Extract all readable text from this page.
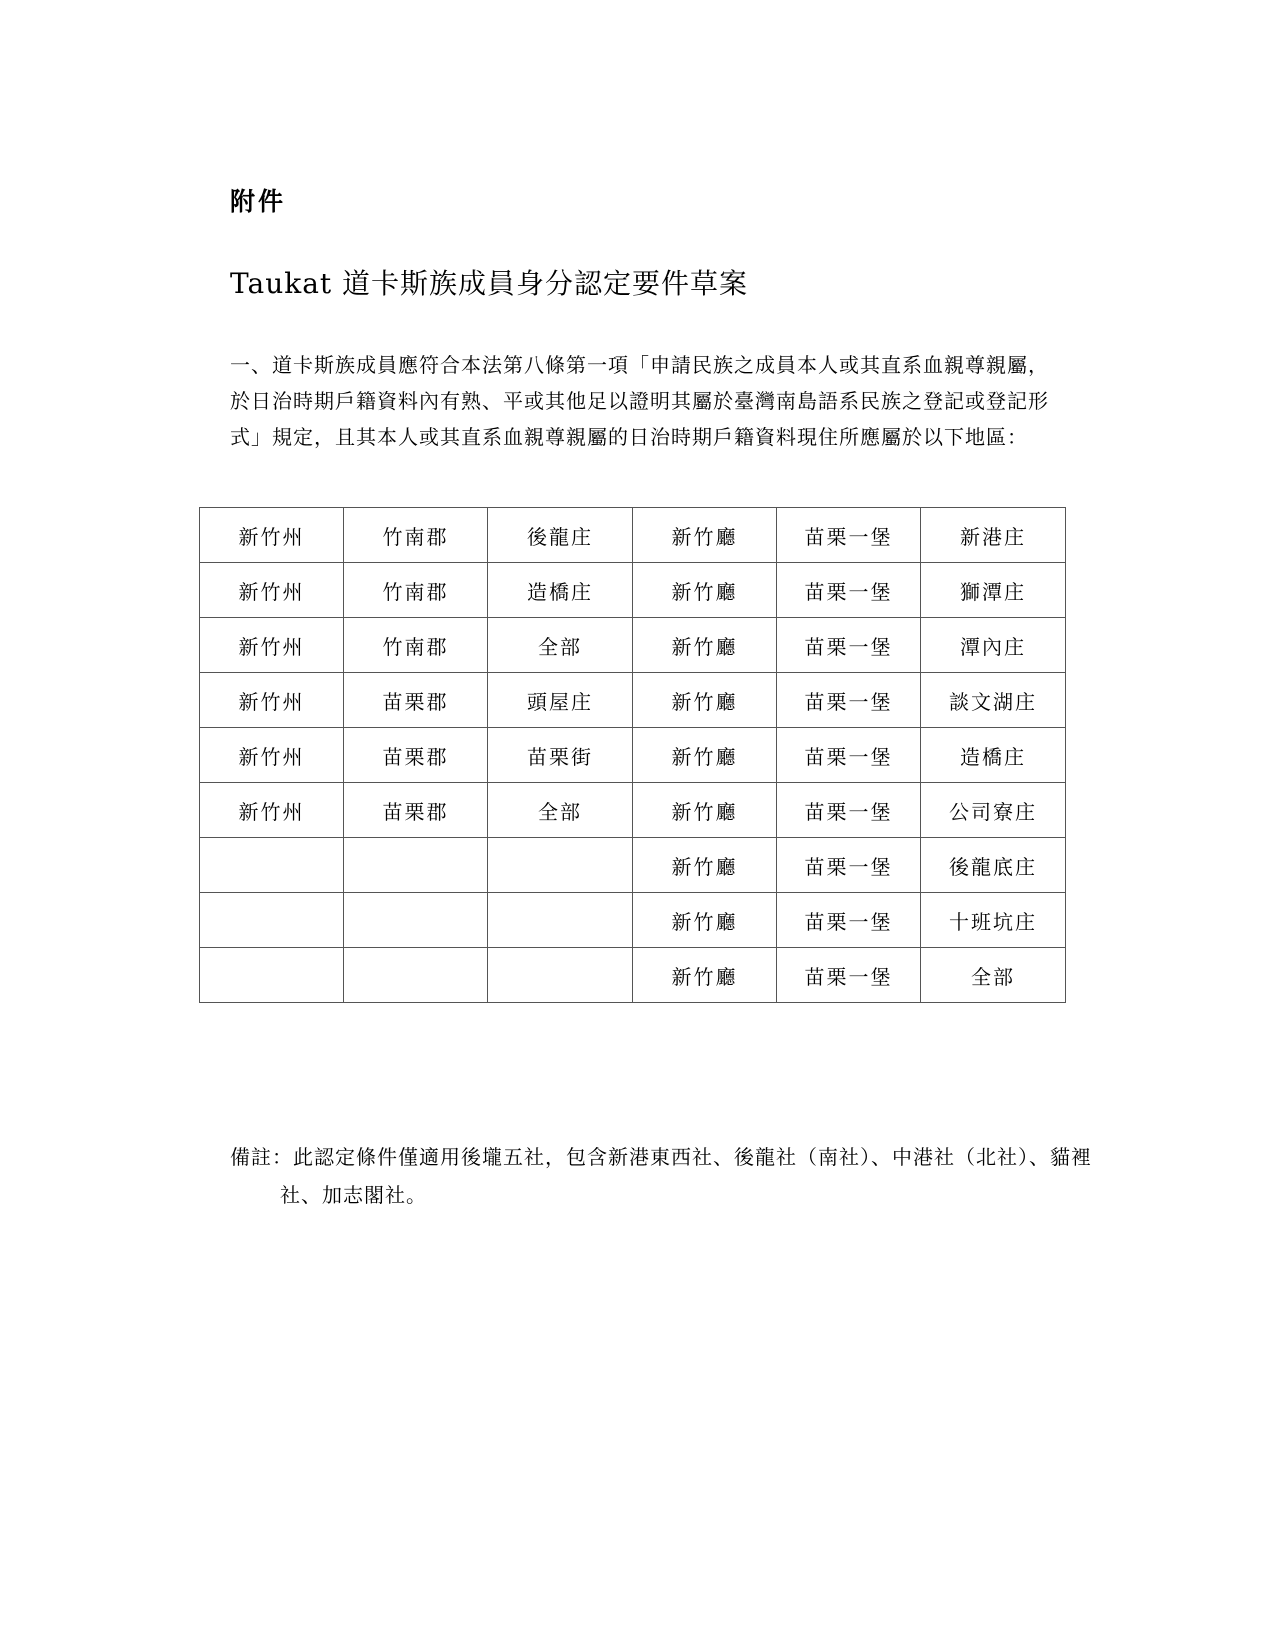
附件

Taukat 道卡斯族成員身分認定要件草案

一、道卡斯族成員應符合本法第八條第一項「申請民族之成員本人或其直系血親尊親屬，於日治時期戶籍資料內有熟、平或其他足以證明其屬於臺灣南島語系民族之登記或登記形式」規定，且其本人或其直系血親尊親屬的日治時期戶籍資料現住所應屬於以下地區：

新竹州	竹南郡	後龍庄	新竹廳	苗栗一堡	新港庄
新竹州	竹南郡	造橋庄	新竹廳	苗栗一堡	獅潭庄
新竹州	竹南郡	全部	新竹廳	苗栗一堡	潭內庄
新竹州	苗栗郡	頭屋庄	新竹廳	苗栗一堡	談文湖庄
新竹州	苗栗郡	苗栗街	新竹廳	苗栗一堡	造橋庄
新竹州	苗栗郡	全部	新竹廳	苗栗一堡	公司寮庄
			新竹廳	苗栗一堡	後龍底庄
			新竹廳	苗栗一堡	十班坑庄
			新竹廳	苗栗一堡	全部

備註：此認定條件僅適用後壠五社，包含新港東西社、後龍社（南社）、中港社（北社）、貓裡社、加志閣社。
